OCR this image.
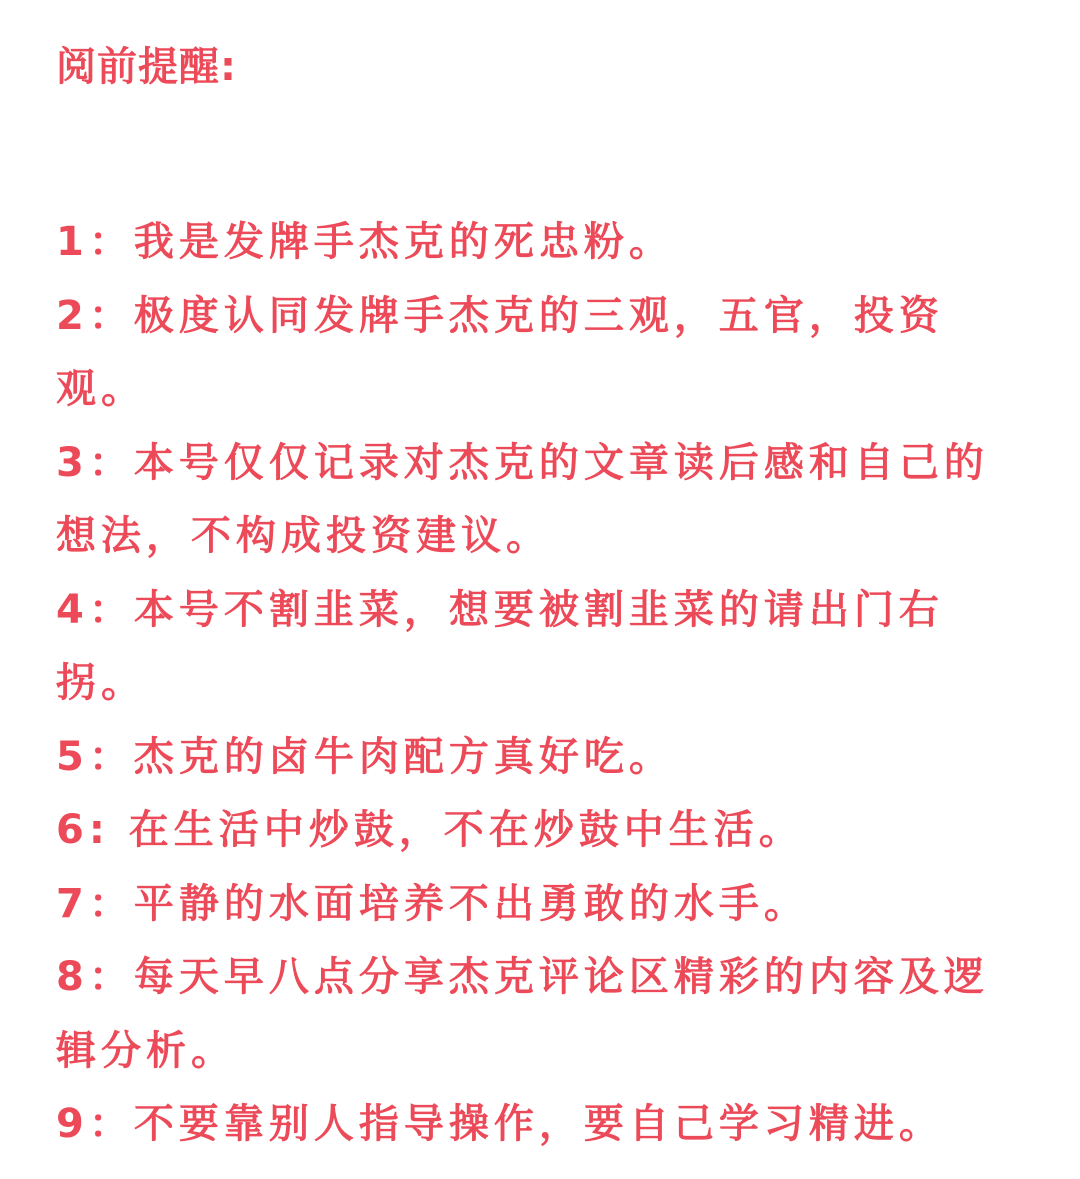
阅前提醒:

1：我是发牌手杰克的死忠粉。
2：极度认同发牌手杰克的三观，五官，投资观。
3：本号仅仅记录对杰克的文章读后感和自己的想法，不构成投资建议。
4：本号不割韭菜，想要被割韭菜的请出门右拐。
5：杰克的卤牛肉配方真好吃。
6: 在生活中炒鼓，不在炒鼓中生活。
7：平静的水面培养不出勇敢的水手。
8：每天早八点分享杰克评论区精彩的内容及逻辑分析。
9：不要靠别人指导操作，要自己学习精进。
